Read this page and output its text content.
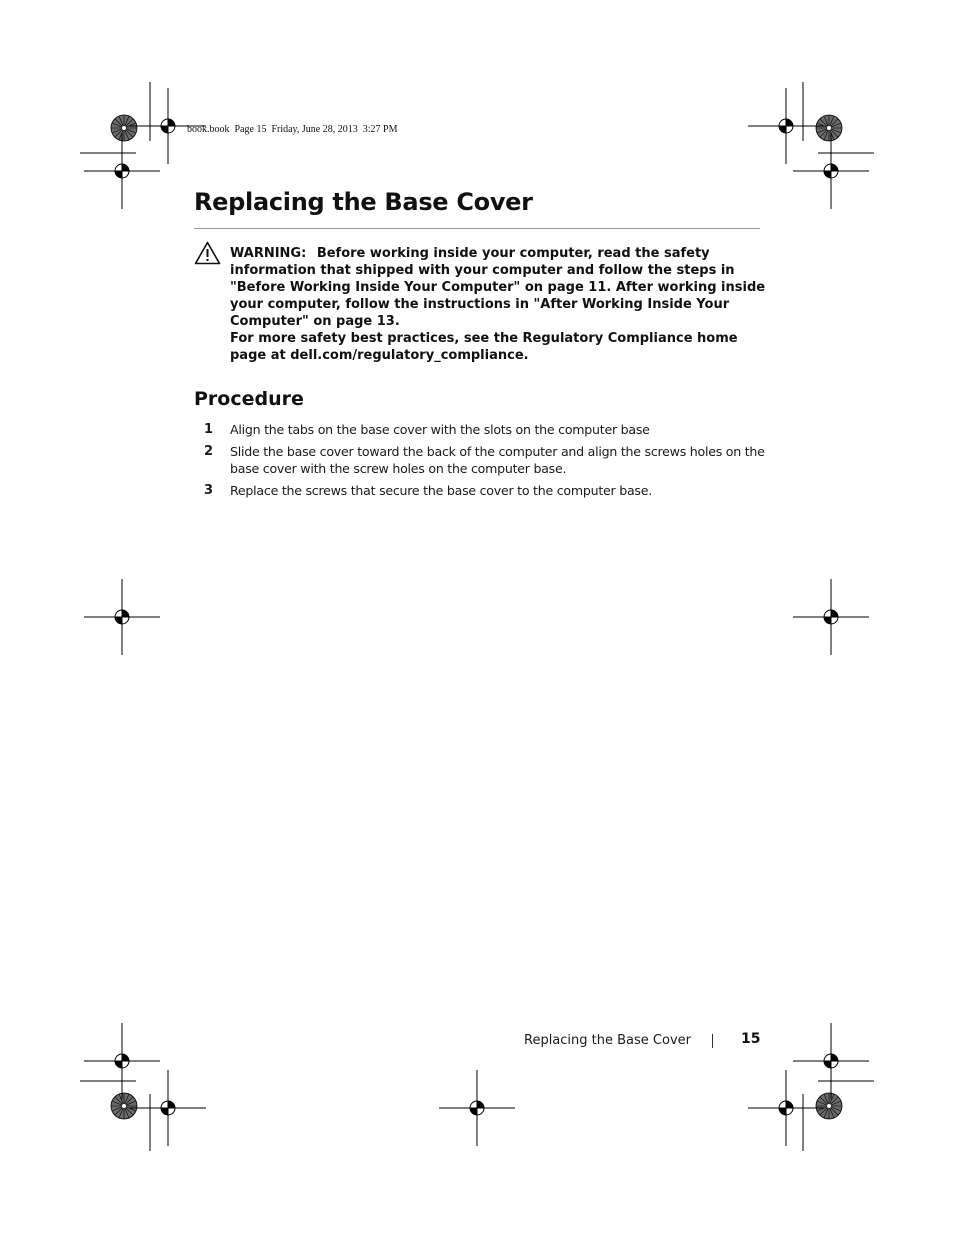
book.book  Page 15  Friday, June 28, 2013  3:27 PM
Replacing the Base Cover

WARNING: Before working inside your computer, read the safety information that shipped with your computer and follow the steps in "Before Working Inside Your Computer" on page 11. After working inside your computer, follow the instructions in "After Working Inside Your Computer" on page 13.

For more safety best practices, see the Regulatory Compliance home page at dell.com/regulatory_compliance.

Procedure
1 Align the tabs on the base cover with the slots on the computer base
2 Slide the base cover toward the back of the computer and align the screws holes on the base cover with the screw holes on the computer base.
3 Replace the screws that secure the base cover to the computer base.
Replacing the Base Cover	15
